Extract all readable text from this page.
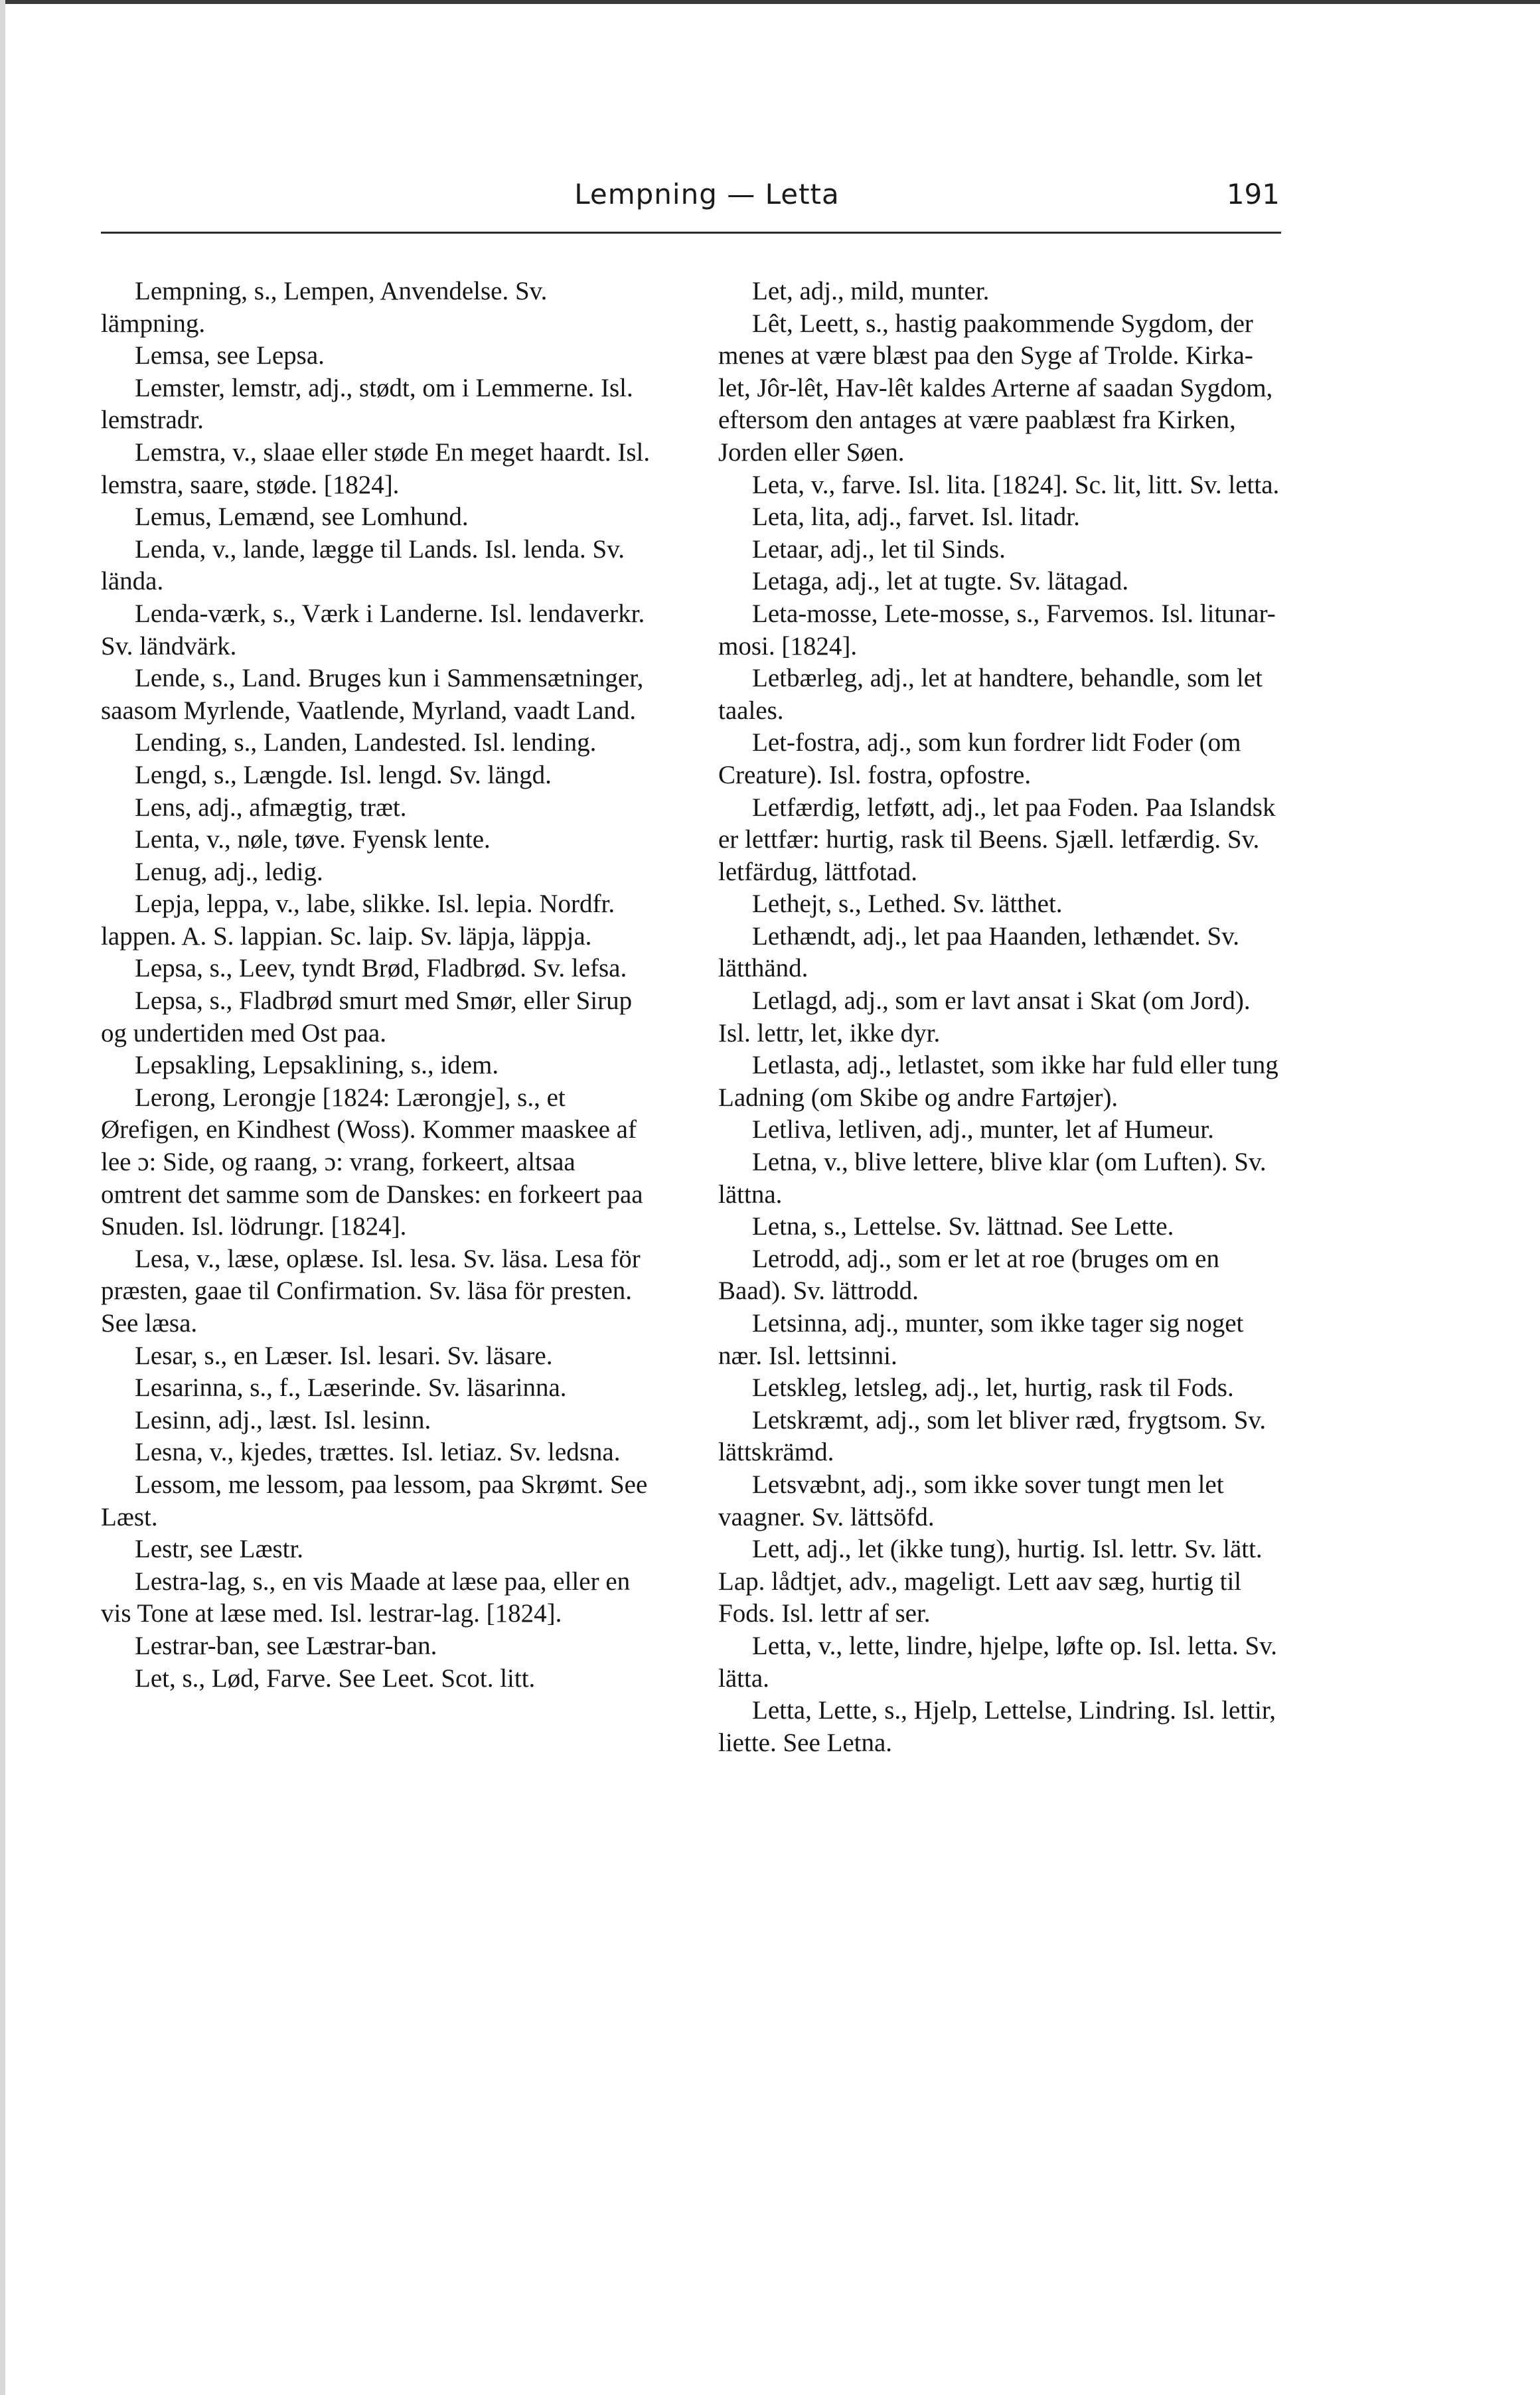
Lempning — Letta	191

Lempning, s., Lempen, Anvendelse. Sv. lämpning.

Lemsa, see Lepsa.

Lemster, lemstr, adj., stødt, om i Lemmerne. Isl. lemstradr.

Lemstra, v., slaae eller støde En meget haardt. Isl. lemstra, saare, støde. [1824].

Lemus, Lemænd, see Lomhund.

Lenda, v., lande, lægge til Lands. Isl. lenda. Sv. lända.

Lenda-værk, s., Værk i Landerne. Isl. lendaverkr. Sv. ländvärk.

Lende, s., Land. Bruges kun i Sammensætninger, saasom Myrlende, Vaatlende, Myrland, vaadt Land.

Lending, s., Landen, Landested. Isl. lending.

Lengd, s., Længde. Isl. lengd. Sv. längd.

Lens, adj., afmægtig, træt.

Lenta, v., nøle, tøve. Fyensk lente.

Lenug, adj., ledig.

Lepja, leppa, v., labe, slikke. Isl. lepia. Nordfr. lappen. A. S. lappian. Sc. laip. Sv. läpja, läppja.

Lepsa, s., Leev, tyndt Brød, Fladbrød. Sv. lefsa.

Lepsa, s., Fladbrød smurt med Smør, eller Sirup og undertiden med Ost paa.

Lepsakling, Lepsaklining, s., idem.

Lerong, Lerongje [1824: Lærongje], s., et Ørefigen, en Kindhest (Woss). Kommer maaskee af lee ɔ: Side, og raang, ɔ: vrang, forkeert, altsaa omtrent det samme som de Danskes: en forkeert paa Snuden. Isl. lödrungr. [1824].

Lesa, v., læse, oplæse. Isl. lesa. Sv. läsa. Lesa för præsten, gaae til Confirmation. Sv. läsa för presten. See læsa.

Lesar, s., en Læser. Isl. lesari. Sv. läsare.

Lesarinna, s., f., Læserinde. Sv. läsarinna.

Lesinn, adj., læst. Isl. lesinn.

Lesna, v., kjedes, trættes. Isl. letiaz. Sv. ledsna.

Lessom, me lessom, paa lessom, paa Skrømt. See Læst.

Lestr, see Læstr.

Lestra-lag, s., en vis Maade at læse paa, eller en vis Tone at læse med. Isl. lestrar-lag. [1824].

Lestrar-ban, see Læstrar-ban.

Let, s., Lød, Farve. See Leet. Scot. litt.

Let, adj., mild, munter.

Lêt, Leett, s., hastig paakommende Sygdom, der menes at være blæst paa den Syge af Trolde. Kirka-let, Jôr-lêt, Hav-lêt kaldes Arterne af saadan Sygdom, eftersom den antages at være paablæst fra Kirken, Jorden eller Søen.

Leta, v., farve. Isl. lita. [1824]. Sc. lit, litt. Sv. letta.

Leta, lita, adj., farvet. Isl. litadr.

Letaar, adj., let til Sinds.

Letaga, adj., let at tugte. Sv. lätagad.

Leta-mosse, Lete-mosse, s., Farvemos. Isl. litunar-mosi. [1824].

Letbærleg, adj., let at handtere, behandle, som let taales.

Let-fostra, adj., som kun fordrer lidt Foder (om Creature). Isl. fostra, opfostre.

Letfærdig, letføtt, adj., let paa Foden. Paa Islandsk er lettfær: hurtig, rask til Beens. Sjæll. letfærdig. Sv. letfärdug, lättfotad.

Lethejt, s., Lethed. Sv. lätthet.

Lethændt, adj., let paa Haanden, lethændet. Sv. lätthänd.

Letlagd, adj., som er lavt ansat i Skat (om Jord). Isl. lettr, let, ikke dyr.

Letlasta, adj., letlastet, som ikke har fuld eller tung Ladning (om Skibe og andre Fartøjer).

Letliva, letliven, adj., munter, let af Humeur.

Letna, v., blive lettere, blive klar (om Luften). Sv. lättna.

Letna, s., Lettelse. Sv. lättnad. See Lette.

Letrodd, adj., som er let at roe (bruges om en Baad). Sv. lättrodd.

Letsinna, adj., munter, som ikke tager sig noget nær. Isl. lettsinni.

Letskleg, letsleg, adj., let, hurtig, rask til Fods.

Letskræmt, adj., som let bliver ræd, frygtsom. Sv. lättskrämd.

Letsvæbnt, adj., som ikke sover tungt men let vaagner. Sv. lättsöfd.

Lett, adj., let (ikke tung), hurtig. Isl. lettr. Sv. lätt. Lap. lådtjet, adv., mageligt. Lett aav sæg, hurtig til Fods. Isl. lettr af ser.

Letta, v., lette, lindre, hjelpe, løfte op. Isl. letta. Sv. lätta.

Letta, Lette, s., Hjelp, Lettelse, Lindring. Isl. lettir, liette. See Letna.
